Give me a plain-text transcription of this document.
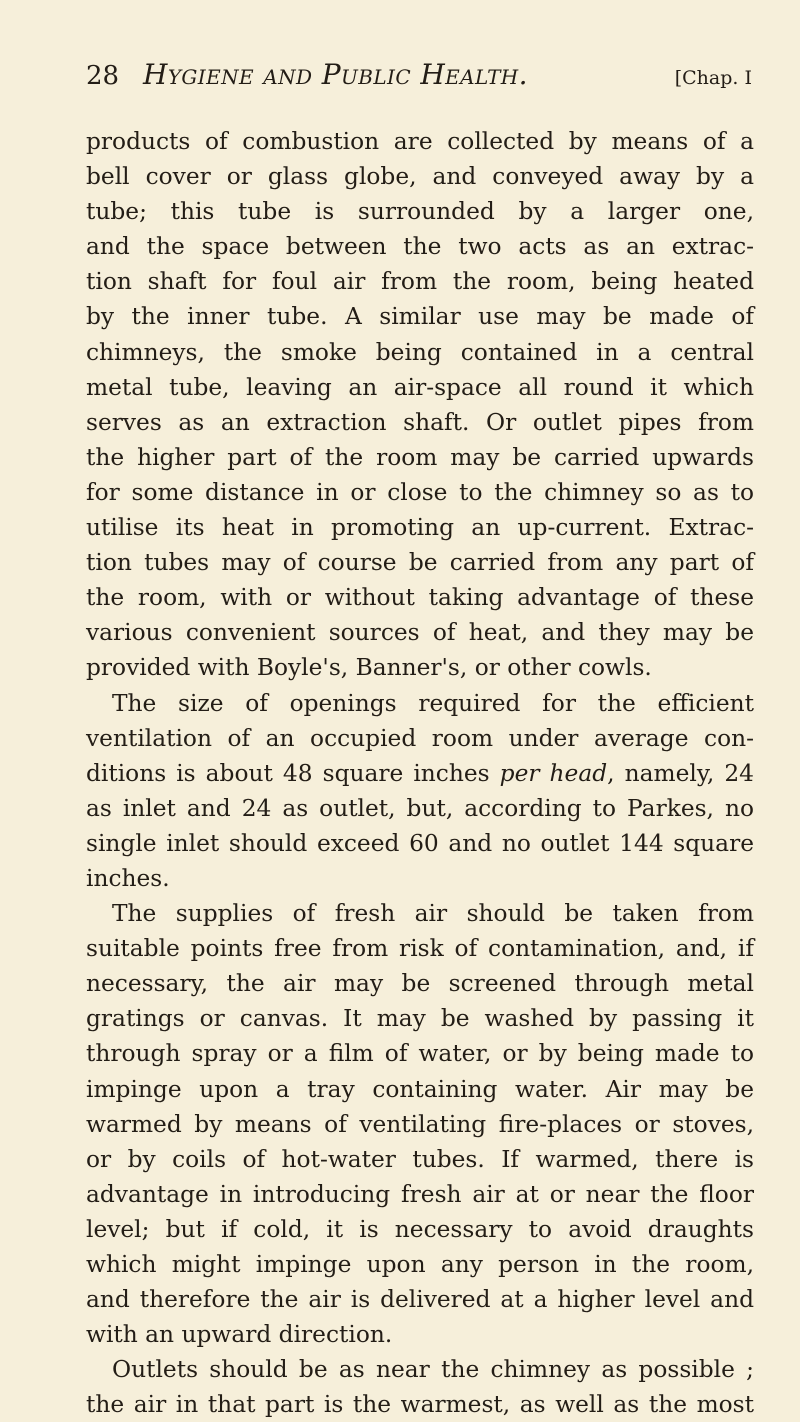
28 Hygiene and Public Health.	[Chap. I
products of combustion are collected by means of a
bell cover or glass globe, and conveyed away by a
tube; this tube is surrounded by a larger one,
and the space between the two acts as an extrac-
tion shaft for foul air from the room, being heated
by the inner tube. A similar use may be made of
chimneys, the smoke being contained in a central
metal tube, leaving an air-space all round it which
serves as an extraction shaft. Or outlet pipes from
the higher part of the room may be carried upwards
for some distance in or close to the chimney so as to
utilise its heat in promoting an up-current. Extrac-
tion tubes may of course be carried from any part of
the room, with or without taking advantage of these
various convenient sources of heat, and they may be
provided with Boyle's, Banner's, or other cowls.
The size of openings required for the efficient
ventilation of an occupied room under average con-
ditions is about 48 square inches per head, namely, 24
as inlet and 24 as outlet, but, according to Parkes, no
single inlet should exceed 60 and no outlet 144 square
inches.
The supplies of fresh air should be taken from
suitable points free from risk of contamination, and, if
necessary, the air may be screened through metal
gratings or canvas. It may be washed by passing it
through spray or a film of water, or by being made to
impinge upon a tray containing water. Air may be
warmed by means of ventilating fire-places or stoves,
or by coils of hot-water tubes. If warmed, there is
advantage in introducing fresh air at or near the floor
level; but if cold, it is necessary to avoid draughts
which might impinge upon any person in the room,
and therefore the air is delivered at a higher level and
with an upward direction.
Outlets should be as near the chimney as possible ;
the air in that part is the warmest, as well as the most
